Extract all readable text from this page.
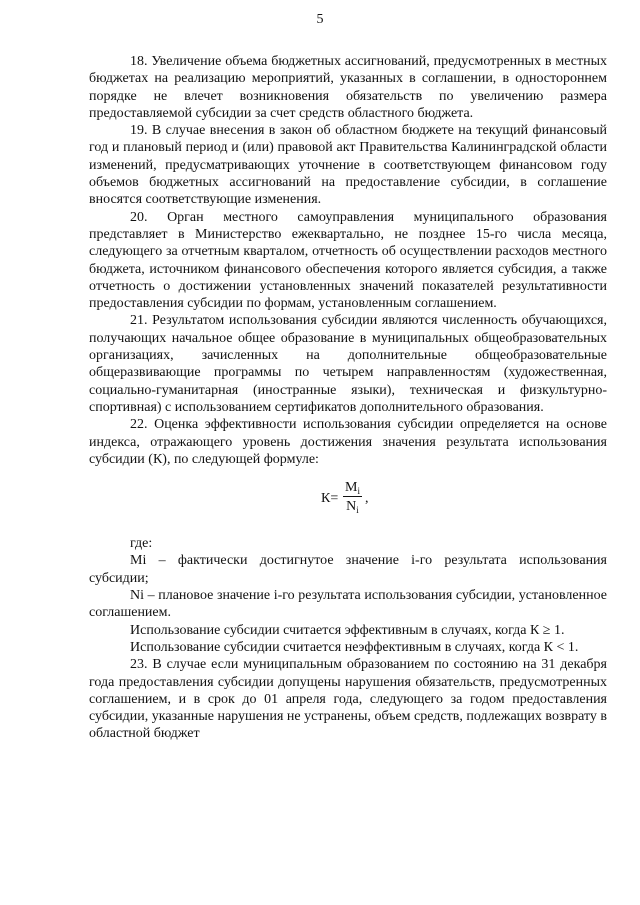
5

18. Увеличение объема бюджетных ассигнований, предусмотренных в местных бюджетах на реализацию мероприятий, указанных в соглашении, в одностороннем порядке не влечет возникновения обязательств по увеличению размера предоставляемой субсидии за счет средств областного бюджета.

19. В случае внесения в закон об областном бюджете на текущий финансовый год и плановый период и (или) правовой акт Правительства Калининградской области изменений, предусматривающих уточнение в соответствующем финансовом году объемов бюджетных ассигнований на предоставление субсидии, в соглашение вносятся соответствующие изменения.

20. Орган местного самоуправления муниципального образования представляет в Министерство ежеквартально, не позднее 15-го числа месяца, следующего за отчетным кварталом, отчетность об осуществлении расходов местного бюджета, источником финансового обеспечения которого является субсидия, а также отчетность о достижении установленных значений показателей результативности предоставления субсидии по формам, установленным соглашением.

21. Результатом использования субсидии являются численность обучающихся, получающих начальное общее образование в муниципальных общеобразовательных организациях, зачисленных на дополнительные общеобразовательные общеразвивающие программы по четырем направленностям (художественная, социально-гуманитарная (иностранные языки), техническая и физкультурно-спортивная) с использованием сертификатов дополнительного образования.

22. Оценка эффективности использования субсидии определяется на основе индекса, отражающего уровень достижения значения результата использования субсидии (К), по следующей формуле:

$К= \frac{M_i}{N_i}$ ,

где:

Mi – фактически достигнутое значение i-го результата использования субсидии;

Ni – плановое значение i-го результата использования субсидии, установленное соглашением.

Использование субсидии считается эффективным в случаях, когда К ≥ 1.

Использование субсидии считается неэффективным в случаях, когда К < 1.

23. В случае если муниципальным образованием по состоянию на 31 декабря года предоставления субсидии допущены нарушения обязательств, предусмотренных соглашением, и в срок до 01 апреля года, следующего за годом предоставления субсидии, указанные нарушения не устранены, объем средств, подлежащих возврату в областной бюджет
